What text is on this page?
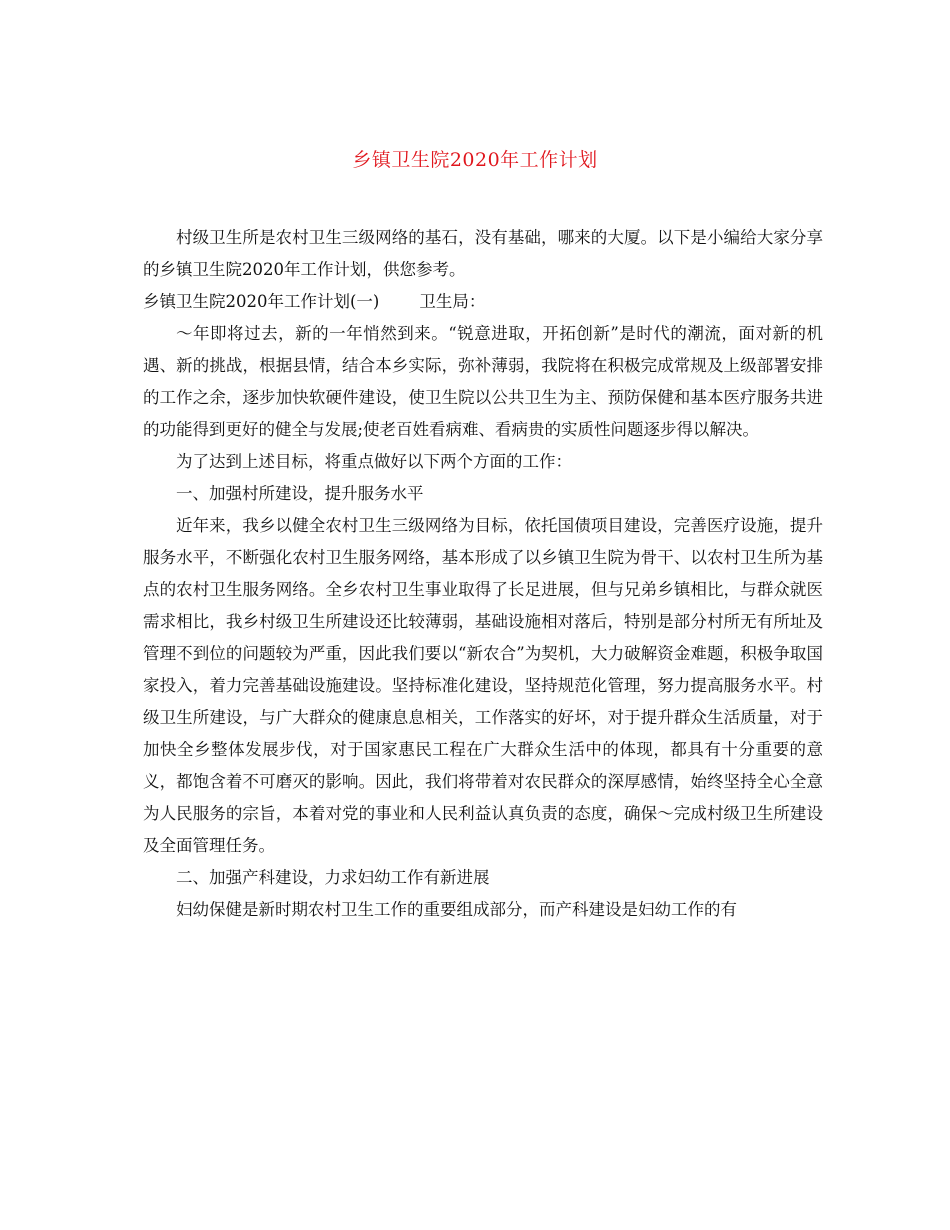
乡镇卫生院2020年工作计划

村级卫生所是农村卫生三级网络的基石，没有基础，哪来的大厦。以下是小编给大家分享的乡镇卫生院2020年工作计划，供您参考。

乡镇卫生院2020年工作计划(一) 卫生局：

～年即将过去，新的一年悄然到来。“锐意进取，开拓创新”是时代的潮流，面对新的机遇、新的挑战，根据县情，结合本乡实际，弥补薄弱，我院将在积极完成常规及上级部署安排的工作之余，逐步加快软硬件建设，使卫生院以公共卫生为主、预防保健和基本医疗服务共进的功能得到更好的健全与发展;使老百姓看病难、看病贵的实质性问题逐步得以解决。

为了达到上述目标，将重点做好以下两个方面的工作：

一、加强村所建设，提升服务水平

近年来，我乡以健全农村卫生三级网络为目标，依托国债项目建设，完善医疗设施，提升服务水平，不断强化农村卫生服务网络，基本形成了以乡镇卫生院为骨干、以农村卫生所为基点的农村卫生服务网络。全乡农村卫生事业取得了长足进展，但与兄弟乡镇相比，与群众就医需求相比，我乡村级卫生所建设还比较薄弱，基础设施相对落后，特别是部分村所无有所址及管理不到位的问题较为严重，因此我们要以“新农合”为契机，大力破解资金难题，积极争取国家投入，着力完善基础设施建设。坚持标准化建设，坚持规范化管理，努力提高服务水平。村级卫生所建设，与广大群众的健康息息相关，工作落实的好坏，对于提升群众生活质量，对于加快全乡整体发展步伐，对于国家惠民工程在广大群众生活中的体现，都具有十分重要的意义，都饱含着不可磨灭的影响。因此，我们将带着对农民群众的深厚感情，始终坚持全心全意为人民服务的宗旨，本着对党的事业和人民利益认真负责的态度，确保～完成村级卫生所建设及全面管理任务。

二、加强产科建设，力求妇幼工作有新进展

妇幼保健是新时期农村卫生工作的重要组成部分，而产科建设是妇幼工作的有
